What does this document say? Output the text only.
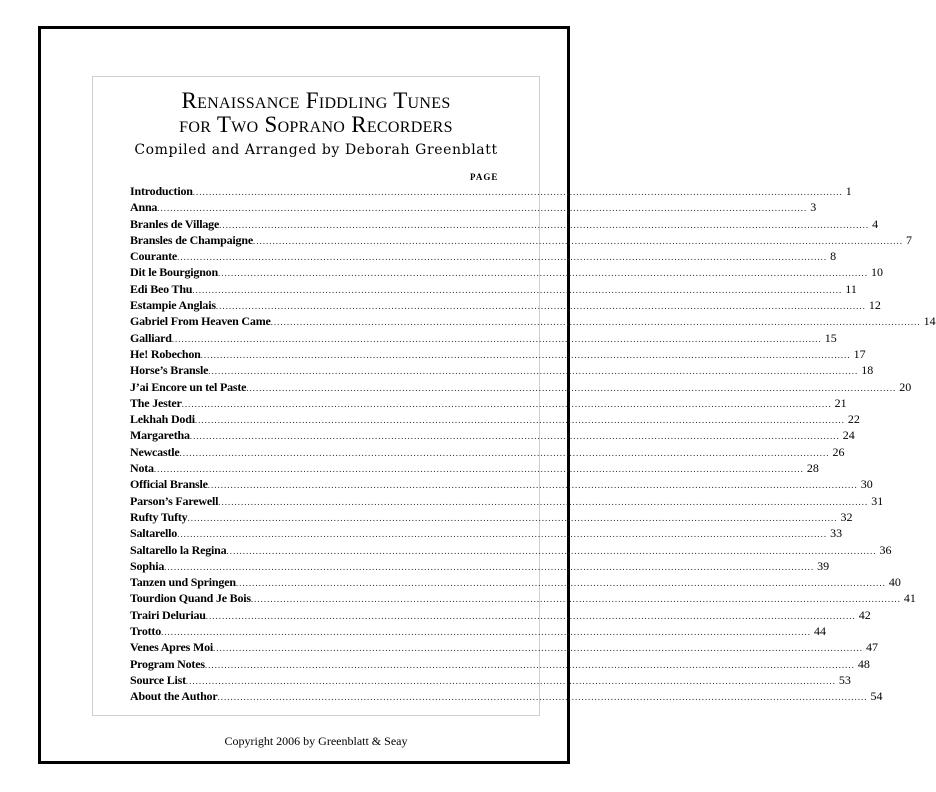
Renaissance Fiddling Tunes
for Two Soprano Recorders
Compiled and Arranged by Deborah Greenblatt
PAGE
Introduction ........................................................................................................................................................................................................ 1
Anna ........................................................................................................................................................................................................ 3
Branles de Village ........................................................................................................................................................................................................ 4
Bransles de Champaigne ........................................................................................................................................................................................................ 7
Courante ........................................................................................................................................................................................................ 8
Dit le Bourgignon ........................................................................................................................................................................................................ 10
Edi Beo Thu ........................................................................................................................................................................................................ 11
Estampie Anglais ........................................................................................................................................................................................................ 12
Gabriel From Heaven Came ........................................................................................................................................................................................................ 14
Galliard ........................................................................................................................................................................................................ 15
He! Robechon ........................................................................................................................................................................................................ 17
Horse’s Bransle ........................................................................................................................................................................................................ 18
J’ai Encore un tel Paste ........................................................................................................................................................................................................ 20
The Jester ........................................................................................................................................................................................................ 21
Lekhah Dodi ........................................................................................................................................................................................................ 22
Margaretha ........................................................................................................................................................................................................ 24
Newcastle ........................................................................................................................................................................................................ 26
Nota ........................................................................................................................................................................................................ 28
Official Bransle ........................................................................................................................................................................................................ 30
Parson’s Farewell ........................................................................................................................................................................................................ 31
Rufty Tufty ........................................................................................................................................................................................................ 32
Saltarello ........................................................................................................................................................................................................ 33
Saltarello la Regina ........................................................................................................................................................................................................ 36
Sophia ........................................................................................................................................................................................................ 39
Tanzen und Springen ........................................................................................................................................................................................................ 40
Tourdion Quand Je Bois ........................................................................................................................................................................................................ 41
Trairi Deluriau ........................................................................................................................................................................................................ 42
Trotto ........................................................................................................................................................................................................ 44
Venes Apres Moi ........................................................................................................................................................................................................ 47
Program Notes ........................................................................................................................................................................................................ 48
Source List ........................................................................................................................................................................................................ 53
About the Author ........................................................................................................................................................................................................ 54
Copyright 2006 by Greenblatt & Seay
